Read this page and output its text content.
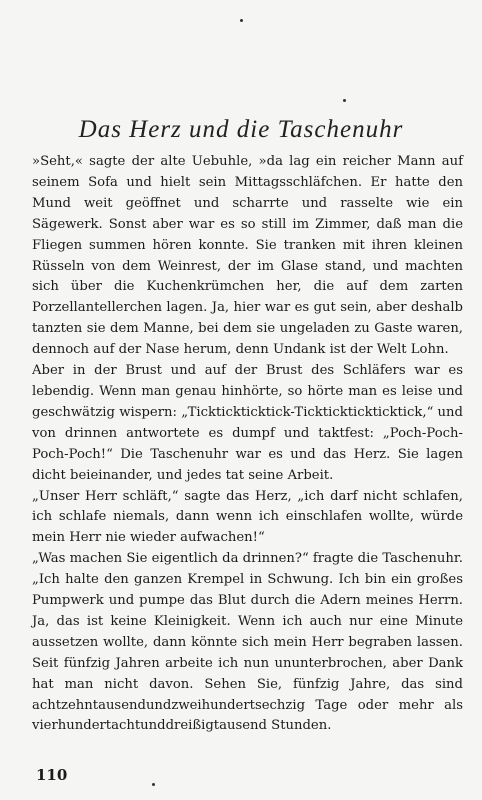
Das Herz und die Taschenuhr

»Seht,« sagte der alte Uebuhle, »da lag ein reicher Mann auf seinem Sofa und hielt sein Mittagsschläfchen. Er hatte den Mund weit geöffnet und scharrte und rasselte wie ein Sägewerk. Sonst aber war es so still im Zimmer, daß man die Fliegen summen hören konnte. Sie tranken mit ihren kleinen Rüsseln von dem Weinrest, der im Glase stand, und machten sich über die Kuchenkrümchen her, die auf dem zarten Porzellantellerchen lagen. Ja, hier war es gut sein, aber deshalb tanzten sie dem Manne, bei dem sie ungeladen zu Gaste waren, dennoch auf der Nase herum, denn Undank ist der Welt Lohn.

Aber in der Brust und auf der Brust des Schläfers war es lebendig. Wenn man genau hinhörte, so hörte man es leise und geschwätzig wispern: „Ticktickticktick-Tickticktickticktick,“ und von drinnen antwortete es dumpf und taktfest: „Poch-Poch-Poch-Poch!“ Die Taschenuhr war es und das Herz. Sie lagen dicht beieinander, und jedes tat seine Arbeit.

„Unser Herr schläft,“ sagte das Herz, „ich darf nicht schlafen, ich schlafe niemals, dann wenn ich einschlafen wollte, würde mein Herr nie wieder aufwachen!“

„Was machen Sie eigentlich da drinnen?“ fragte die Taschenuhr.

„Ich halte den ganzen Krempel in Schwung. Ich bin ein großes Pumpwerk und pumpe das Blut durch die Adern meines Herrn. Ja, das ist keine Kleinigkeit. Wenn ich auch nur eine Minute aussetzen wollte, dann könnte sich mein Herr begraben lassen. Seit fünfzig Jahren arbeite ich nun ununterbrochen, aber Dank hat man nicht davon. Sehen Sie, fünfzig Jahre, das sind achtzehntausendundzweihundertsechzig Tage oder mehr als vierhundertachtunddreißigtausend Stunden.

110
